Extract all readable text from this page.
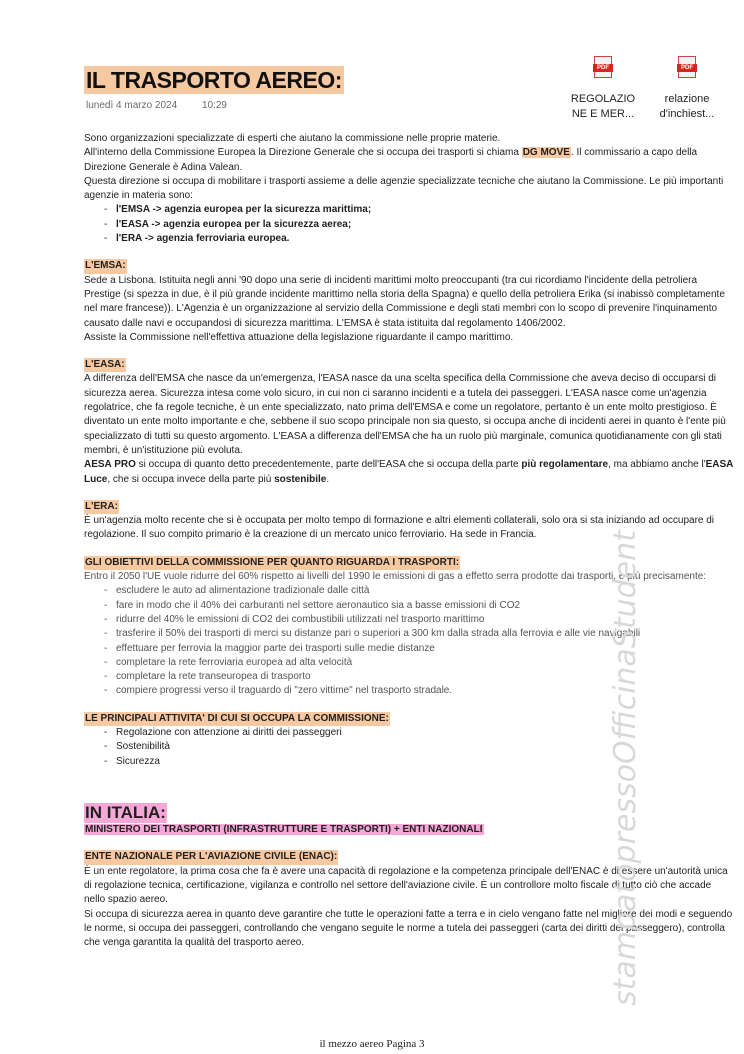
IL TRASPORTO AEREO:
lunedì 4 marzo 2024 10:29
PDF
REGOLAZIO
NE E MER...
PDF
relazione
d'inchiest...

Sono organizzazioni specializzate di esperti che aiutano la commissione nelle proprie materie.

All'interno della Commissione Europea la Direzione Generale che si occupa dei trasporti si chiama DG MOVE. Il commissario a capo della Direzione Generale è Adina Valean.

Questa direzione si occupa di mobilitare i trasporti assieme a delle agenzie specializzate tecniche che aiutano la Commissione. Le più importanti agenzie in materia sono:

- l'EMSA -> agenzia europea per la sicurezza marittima;
- l'EASA -> agenzia europea per la sicurezza aerea;
- l'ERA -> agenzia ferroviaria europea.
L'EMSA:

Sede a Lisbona. Istituita negli anni '90 dopo una serie di incidenti marittimi molto preoccupanti (tra cui ricordiamo l'incidente della petroliera Prestige (si spezza in due, è il più grande incidente marittimo nella storia della Spagna) e quello della petroliera Erika (si inabissò completamente nel mare francese)). L'Agenzia è un organizzazione al servizio della Commissione e degli stati membri con lo scopo di prevenire l'inquinamento causato dalle navi e occupandosi di sicurezza marittima. L'EMSA è stata istituita dal regolamento 1406/2002.

Assiste la Commissione nell'effettiva attuazione della legislazione riguardante il campo marittimo.

L'EASA:

A differenza dell'EMSA che nasce da un'emergenza, l'EASA nasce da una scelta specifica della Commissione che aveva deciso di occuparsi di sicurezza aerea. Sicurezza intesa come volo sicuro, in cui non ci saranno incidenti e a tutela dei passeggeri. L'EASA nasce come un'agenzia regolatrice, che fa regole tecniche, è un ente specializzato, nato prima dell'EMSA e come un regolatore, pertanto è un ente molto prestigioso. È diventato un ente molto importante e che, sebbene il suo scopo principale non sia questo, si occupa anche di incidenti aerei in quanto è l'ente più specializzato di tutti su questo argomento. L'EASA a differenza dell'EMSA che ha un ruolo più marginale, comunica quotidianamente con gli stati membri, è un'istituzione più evoluta.

AESA PRO si occupa di quanto detto precedentemente, parte dell'EASA che si occupa della parte più regolamentare, ma abbiamo anche l'EASA Luce, che si occupa invece della parte più sostenibile.

L'ERA:

È un'agenzia molto recente che si è occupata per molto tempo di formazione e altri elementi collaterali, solo ora si sta iniziando ad occupare di regolazione. Il suo compito primario è la creazione di un mercato unico ferroviario. Ha sede in Francia.

GLI OBIETTIVI DELLA COMMISSIONE PER QUANTO RIGUARDA I TRASPORTI:

Entro il 2050 l'UE vuole ridurre del 60% rispetto ai livelli del 1990 le emissioni di gas a effetto serra prodotte dai trasporti, e più precisamente:

- escludere le auto ad alimentazione tradizionale dalle città
- fare in modo che il 40% dei carburanti nel settore aeronautico sia a basse emissioni di CO2
- ridurre del 40% le emissioni di CO2 dei combustibili utilizzati nel trasporto marittimo
- trasferire il 50% dei trasporti di merci su distanze pari o superiori a 300 km dalla strada alla ferrovia e alle vie navigabili
- effettuare per ferrovia la maggior parte dei trasporti sulle medie distanze
- completare la rete ferroviaria europea ad alta velocità
- completare la rete transeuropea di trasporto
- compiere progressi verso il traguardo di "zero vittime" nel trasporto stradale.
LE PRINCIPALI ATTIVITA' DI CUI SI OCCUPA LA COMMISSIONE:
- Regolazione con attenzione ai diritti dei passeggeri
- Sostenibilità
- Sicurezza
IN ITALIA:
MINISTERO DEI TRASPORTI (INFRASTRUTTURE E TRASPORTI) + ENTI NAZIONALI
ENTE NAZIONALE PER L'AVIAZIONE CIVILE (ENAC):

È un ente regolatore, la prima cosa che fa è avere una capacità di regolazione e la competenza principale dell'ENAC è di essere un'autorità unica di regolazione tecnica, certificazione, vigilanza e controllo nel settore dell'aviazione civile. È un controllore molto fiscale di tutto ciò che accade nello spazio aereo.

Si occupa di sicurezza aerea in quanto deve garantire che tutte le operazioni fatte a terra e in cielo vengano fatte nel migliore dei modi e seguendo le norme, si occupa dei passeggeri, controllando che vengano seguite le norme a tutela dei passeggeri (carta dei diritti del passeggero), controlla che venga garantita la qualità del trasporto aereo.	stampatopressoOfficinaStudent
il mezzo aereo Pagina 3
